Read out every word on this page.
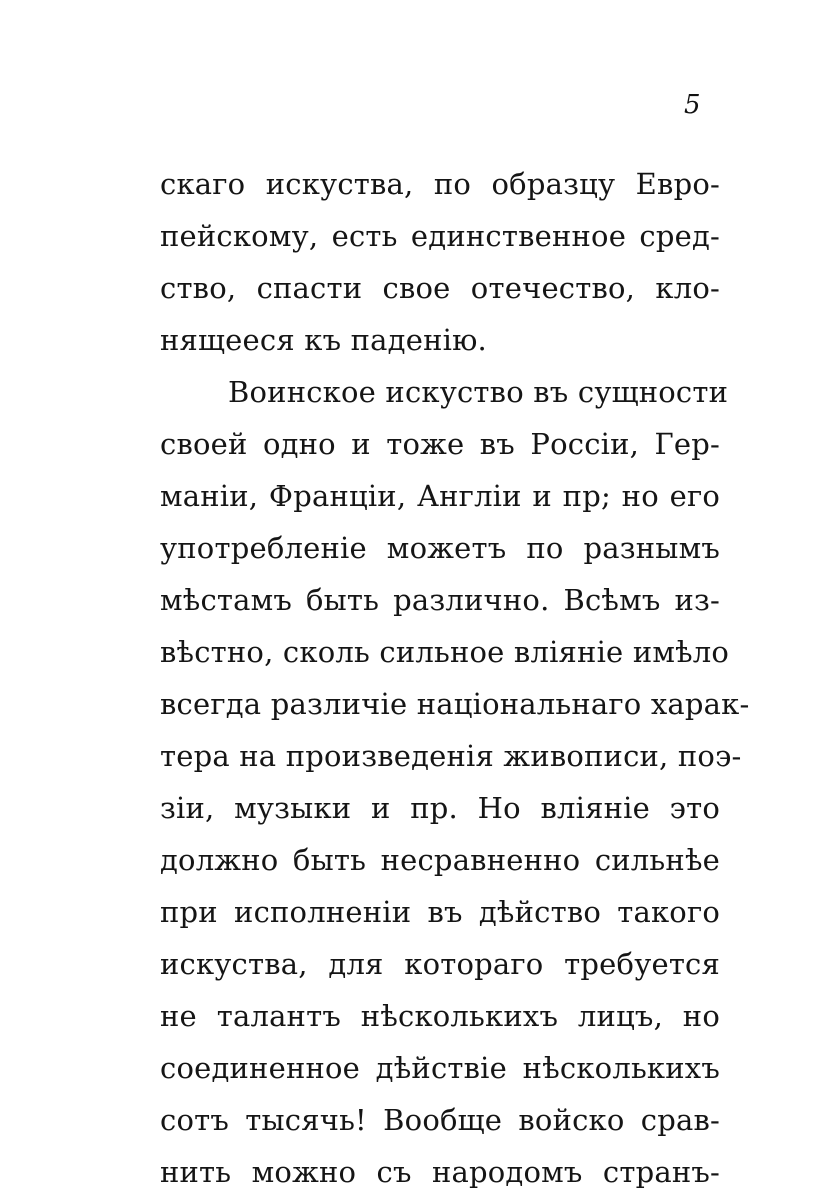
5
скаго искуства, по образцу Евро-
пейскому, есть единственное сред-
ство, спасти свое отечество, кло-
нящееся къ паденію.
Воинское искуство въ сущности
своей одно и тоже въ Россіи, Гер-
маніи, Франціи, Англіи и пр; но его
употребленіе можетъ по разнымъ
мѣстамъ быть различно. Всѣмъ из-
вѣстно, сколь сильное вліяніе имѣло
всегда различіе національнаго харак-
тера на произведенія живописи, поэ-
зіи, музыки и пр. Но вліяніе это
должно быть несравненно сильнѣе
при исполненіи въ дѣйство такого
искуства, для котораго требуется
не талантъ нѣсколькихъ лицъ, но
соединенное дѣйствіе нѣсколькихъ
сотъ тысячь! Вообще войско срав-
нить можно съ народомъ странъ-
